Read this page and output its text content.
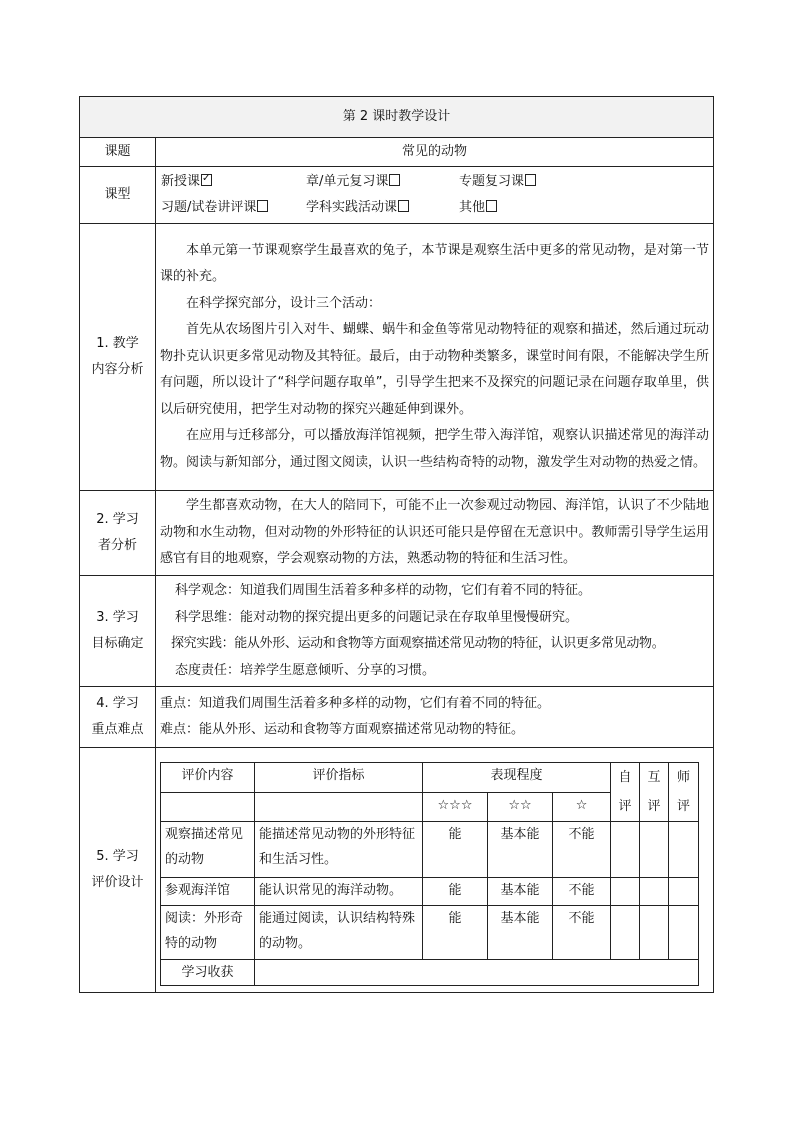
第 2 课时教学设计
课题	常见的动物
课型	
新授课✓	章/单元复习课	专题复习课
习题/试卷讲评课	学科实践活动课	其他

1. 教学
内容分析

本单元第一节课观察学生最喜欢的兔子，本节课是观察生活中更多的常见动物，是对第一节课的补充。

在科学探究部分，设计三个活动：

首先从农场图片引入对牛、蝴蝶、蜗牛和金鱼等常见动物特征的观察和描述，然后通过玩动物扑克认识更多常见动物及其特征。最后，由于动物种类繁多，课堂时间有限，不能解决学生所有问题，所以设计了“科学问题存取单”，引导学生把来不及探究的问题记录在问题存取单里，供以后研究使用，把学生对动物的探究兴趣延伸到课外。

在应用与迁移部分，可以播放海洋馆视频，把学生带入海洋馆，观察认识描述常见的海洋动物。阅读与新知部分，通过图文阅读，认识一些结构奇特的动物，激发学生对动物的热爱之情。

2. 学习
者分析

学生都喜欢动物，在大人的陪同下，可能不止一次参观过动物园、海洋馆，认识了不少陆地动物和水生动物，但对动物的外形特征的认识还可能只是停留在无意识中。教师需引导学生运用感官有目的地观察，学会观察动物的方法，熟悉动物的特征和生活习性。

3. 学习
目标确定

科学观念：知道我们周围生活着多种多样的动物，它们有着不同的特征。

科学思维：能对动物的探究提出更多的问题记录在存取单里慢慢研究。

探究实践：能从外形、运动和食物等方面观察描述常见动物的特征，认识更多常见动物。

态度责任：培养学生愿意倾听、分享的习惯。

4. 学习
重点难点

重点：知道我们周围生活着多种多样的动物，它们有着不同的特征。

难点：能从外形、运动和食物等方面观察描述常见动物的特征。

5. 学习
评价设计

评价内容	评价指标	表现程度	自
评

互
评

师
评

		☆☆☆	☆☆	☆
观察描述常见的动物	能描述常见动物的外形特征和生活习性。	能	基本能	不能			
参观海洋馆	能认识常见的海洋动物。	能	基本能	不能			
阅读：外形奇特的动物	能通过阅读，认识结构特殊的动物。	能	基本能	不能			
学习收获	
